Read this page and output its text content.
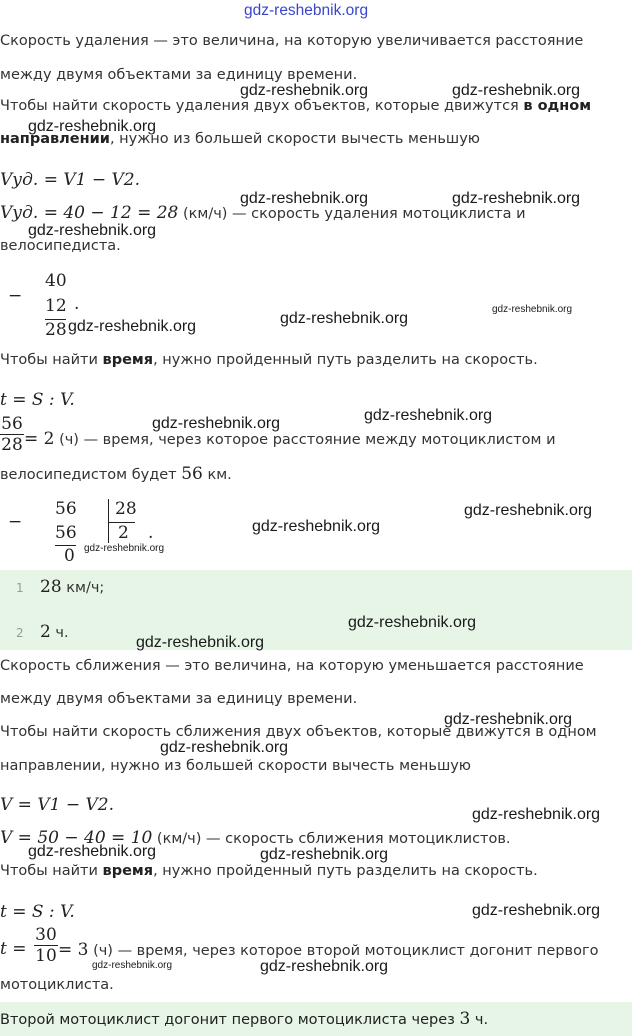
gdz-reshebnik.org
Скорость удаления — это величина, на которую увеличивается расстояние
между двумя объектами за единицу времени.
Чтобы найти скорость удаления двух объектов, которые движутся в одном
направлении, нужно из большей скорости вычесть меньшую
Vуд. = V1 − V2.
Vуд. = 40 − 12 = 28 (км/ч) — скорость удаления мотоциклиста и
велосипедиста.
−
40
12
28
.
Чтобы найти время, нужно пройденный путь разделить на скорость.
t = S : V.
56
28 = 2 (ч) — время, через которое расстояние между мотоциклистом и
велосипедистом будет 56 км.
−
56
56
0
28
2 .
1 28 км/ч;
2 2 ч.
Скорость сближения — это величина, на которую уменьшается расстояние
между двумя объектами за единицу времени.
Чтобы найти скорость сближения двух объектов, которые движутся в одном
направлении, нужно из большей скорости вычесть меньшую
V = V1 − V2.
V = 50 − 40 = 10 (км/ч) — скорость сближения мотоциклистов.
Чтобы найти время, нужно пройденный путь разделить на скорость.
t = S : V.
t =
30
10 = 3 (ч) — время, через которое второй мотоциклист догонит первого
мотоциклиста.
Второй мотоциклист догонит первого мотоциклиста через 3 ч.
gdz-reshebnik.org	gdz-reshebnik.org
gdz-reshebnik.org
gdz-reshebnik.org	gdz-reshebnik.org
gdz-reshebnik.org
gdz-reshebnik.org	gdz-reshebnik.org
gdz-reshebnik.org
gdz-reshebnik.org	gdz-reshebnik.org
gdz-reshebnik.org
gdz-reshebnik.org
gdz-reshebnik.org
gdz-reshebnik.org
gdz-reshebnik.org
gdz-reshebnik.org
gdz-reshebnik.org
gdz-reshebnik.org
gdz-reshebnik.org	gdz-reshebnik.org
gdz-reshebnik.org
gdz-reshebnik.org	gdz-reshebnik.org
